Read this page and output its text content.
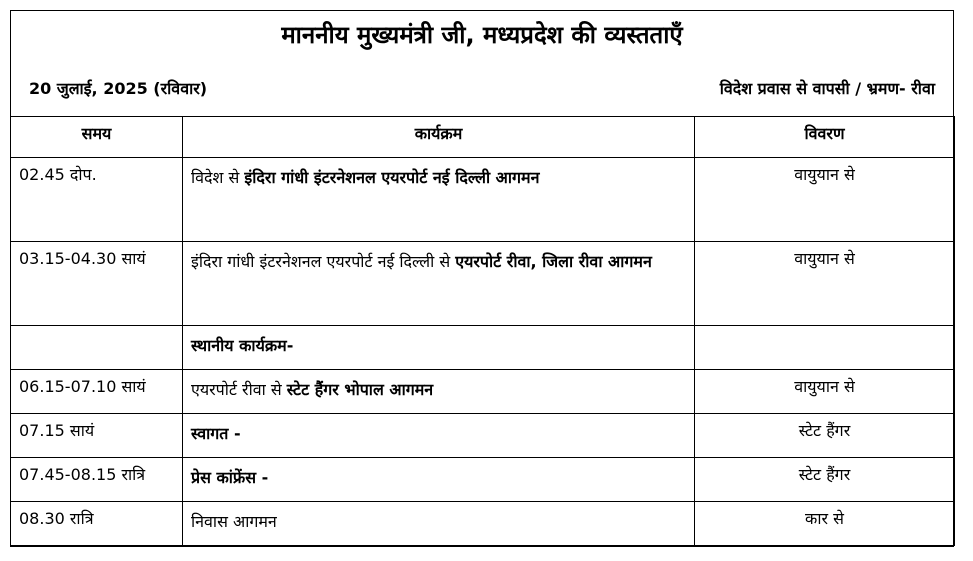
माननीय मुख्यमंत्री जी, मध्यप्रदेश की व्यस्तताएँ
20 जुलाई, 2025 (रविवार)	विदेश प्रवास से वापसी / भ्रमण- रीवा
समय	कार्यक्रम	विवरण
02.45 दोप.	विदेश से इंदिरा गांधी इंटरनेशनल एयरपोर्ट नई दिल्ली आगमन	वायुयान से
03.15-04.30 सायं	इंदिरा गांधी इंटरनेशनल एयरपोर्ट नई दिल्ली से एयरपोर्ट रीवा, जिला रीवा आगमन	वायुयान से
	स्थानीय कार्यक्रम-	
06.15-07.10 सायं	एयरपोर्ट रीवा से स्टेट हैंगर भोपाल आगमन	वायुयान से
07.15 सायं	स्वागत -	स्टेट हैंगर
07.45-08.15 रात्रि	प्रेस कांफ्रेंस -	स्टेट हैंगर
08.30 रात्रि	निवास आगमन	कार से
